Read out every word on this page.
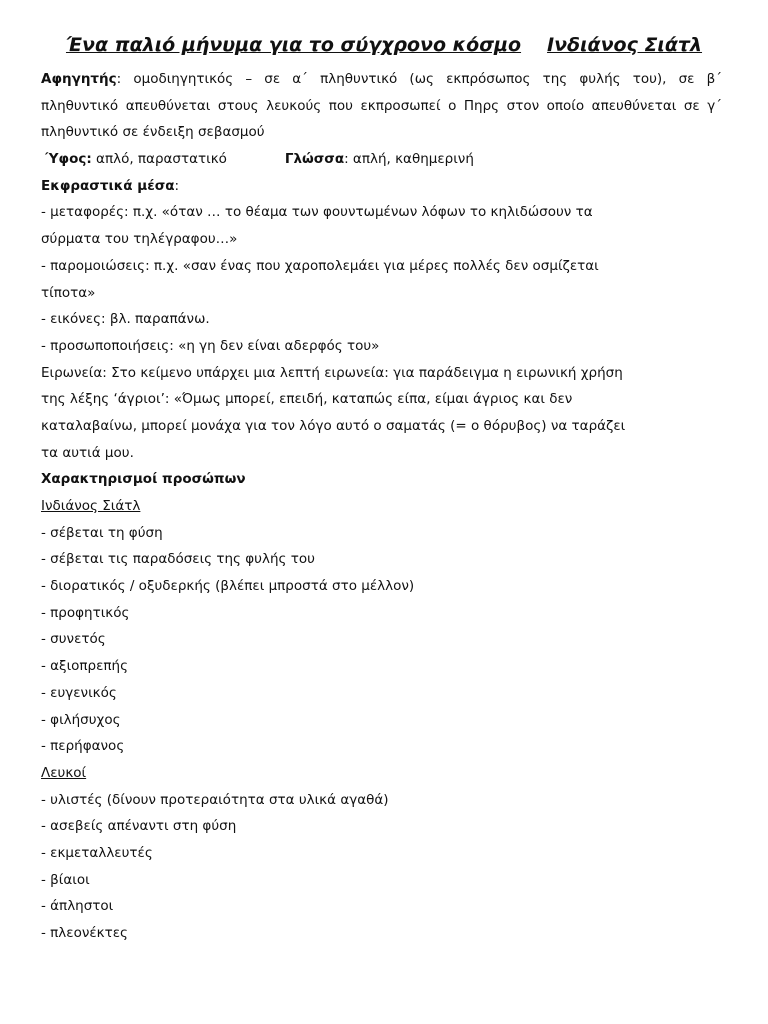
Ένα παλιό μήνυμα για το σύγχρονο κόσμο Ινδιάνος Σιάτλ
Αφηγητής: ομοδιηγητικός – σε α΄ πληθυντικό (ως εκπρόσωπος της φυλής του), σε β΄
πληθυντικό απευθύνεται στους λευκούς που εκπροσωπεί ο Πηρς στον οποίο απευθύνεται σε γ΄
πληθυντικό σε ένδειξη σεβασμού
Ύφος: απλό, παραστατικό	Γλώσσα: απλή, καθημερινή
Εκφραστικά μέσα:
- μεταφορές: π.χ. «όταν … το θέαμα των φουντωμένων λόφων το κηλιδώσουν τα
σύρματα του τηλέγραφου…»
- παρομοιώσεις: π.χ. «σαν ένας που χαροπολεμάει για μέρες πολλές δεν οσμίζεται
τίποτα»
- εικόνες: βλ. παραπάνω.
- προσωποποιήσεις: «η γη δεν είναι αδερφός του»
Ειρωνεία: Στο κείμενο υπάρχει μια λεπτή ειρωνεία: για παράδειγμα η ειρωνική χρήση
της λέξης ‘άγριοι’: «Όμως μπορεί, επειδή, καταπώς είπα, είμαι άγριος και δεν
καταλαβαίνω, μπορεί μονάχα για τον λόγο αυτό ο σαματάς (= ο θόρυβος) να ταράζει
τα αυτιά μου.
Χαρακτηρισμοί προσώπων
Ινδιάνος Σιάτλ
- σέβεται τη φύση
- σέβεται τις παραδόσεις της φυλής του
- διορατικός / οξυδερκής (βλέπει μπροστά στο μέλλον)
- προφητικός
- συνετός
- αξιοπρεπής
- ευγενικός
- φιλήσυχος
- περήφανος
Λευκοί
- υλιστές (δίνουν προτεραιότητα στα υλικά αγαθά)
- ασεβείς απέναντι στη φύση
- εκμεταλλευτές
- βίαιοι
- άπληστοι
- πλεονέκτες
